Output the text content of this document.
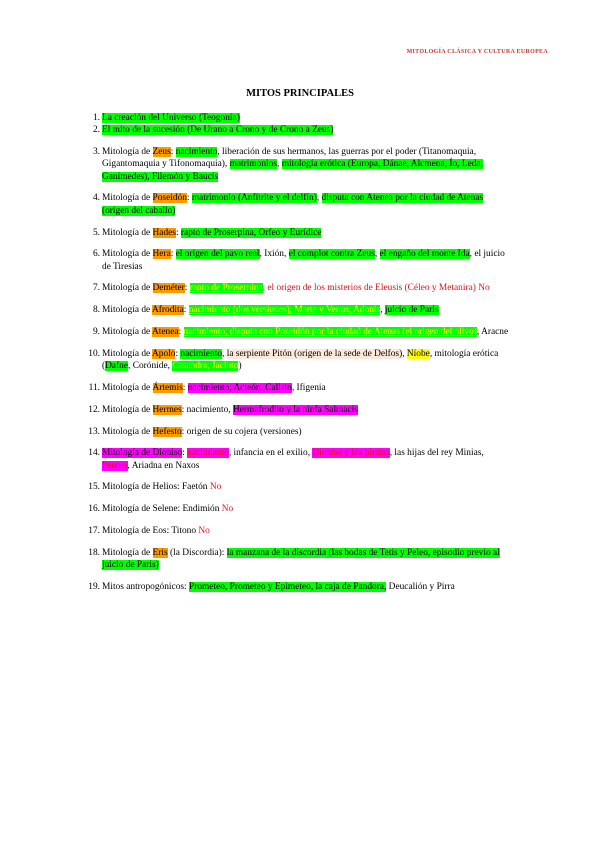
MITOLOGÍA CLÁSICA Y CULTURA EUROPEA
MITOS PRINCIPALES
1. La creación del Universo (Teogonía)
2. El mito de la sucesión (De Urano a Crono y de Crono a Zeus)
3. Mitología de Zeus: nacimiento, liberación de sus hermanos, las guerras por el poder (Titanomaquia, Gigantomaquia y Tifonomaquia), matrimonios, mitología erótica (Europa, Dánae, Alcmena, Ío, Leda, Ganímedes), Filemón y Baucis
4. Mitología de Poseidón: matrimonio (Anfítrite y el delfín), disputa con Atenea por la ciudad de Atenas (origen del caballo)
5. Mitología de Hades: rapto de Proserpina, Orfeo y Eurídice
6. Mitología de Hera: el origen del pavo real, Ixión, el complot contra Zeus, el engaño del monte Ida, el juicio de Tiresias
7. Mitología de Deméter: rapto de Proserpina, el origen de los misterios de Eleusis (Céleo y Metanira) No
8. Mitología de Afrodita: nacimiento (dos versiones), Marte y Venus, Adonis, juicio de Paris
9. Mitología de Atenea: nacimiento, disputa con Poseidón por la ciudad de Atenas (el origen del olivo), Aracne
10. Mitología de Apolo: nacimiento, la serpiente Pitón (origen de la sede de Delfos), Níobe, mitología erótica (Dafne, Corónide, Casandra, Jacinto)
11. Mitología de Ártemis: nacimiento, Acteón, Calisto, Ifigenia
12. Mitología de Hermes: nacimiento, Hermafrodito y la ninfa Salmacis
13. Mitología de Hefesto: origen de su cojera (versiones)
14. Mitología de Dioniso: nacimiento, infancia en el exilio, Dioniso y los piratas, las hijas del rey Minias, Penteo, Ariadna en Naxos
15. Mitología de Helios: Faetón No
16. Mitología de Selene: Endimión No
17. Mitología de Eos: Titono No
18. Mitología de Eris (la Discordia): la manzana de la discordia (las bodas de Tetis y Peleo, episodio previo al juicio de Paris)
19. Mitos antropogónicos: Prometeo, Prometeo y Epimeteo, la caja de Pandora, Deucalión y Pirra
